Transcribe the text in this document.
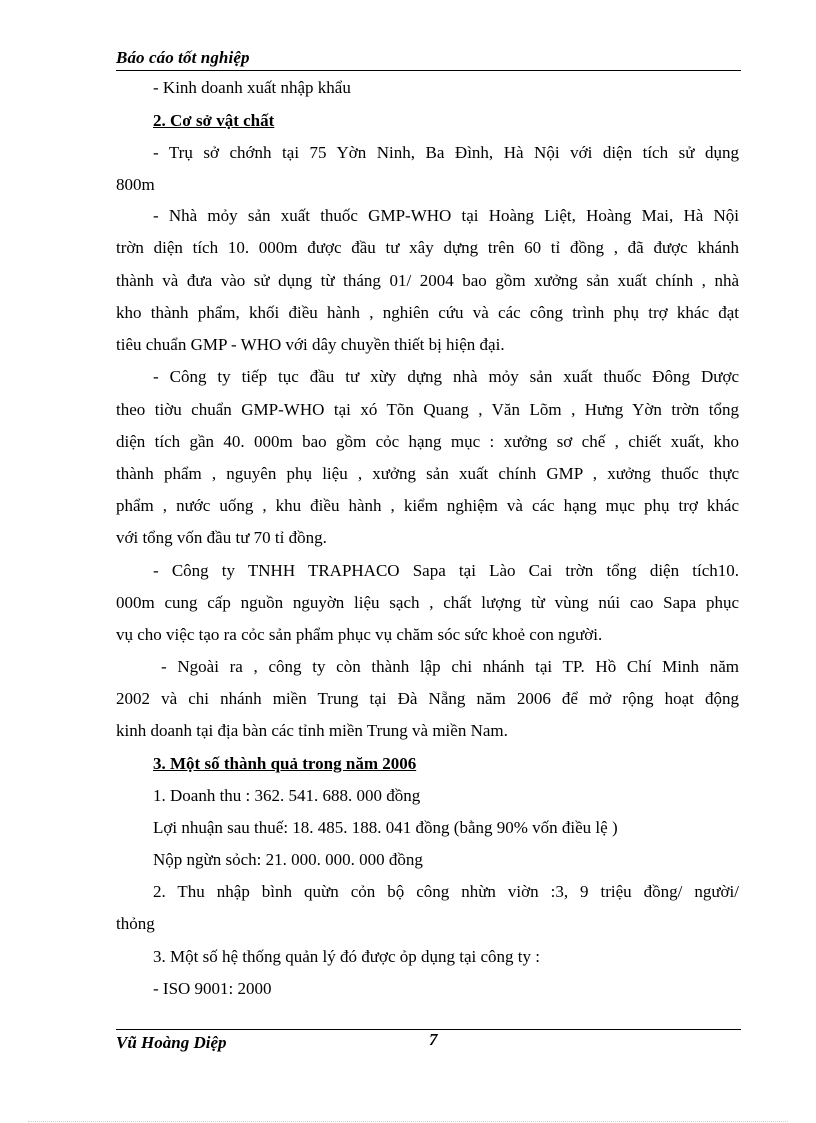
Báo cáo tốt nghiệp
- Kinh doanh xuất nhập khẩu
2. Cơ sở vật chất
- Trụ sở chớnh tại 75 Yờn Ninh, Ba Đình, Hà Nội với diện tích sử dụng
800m
- Nhà mỏy sản xuất thuốc GMP-WHO tại Hoàng Liệt, Hoàng Mai, Hà Nội
trờn diện tích 10. 000m được đầu tư xây dựng trên 60 tỉ đồng , đã được khánh
thành và đưa vào sử dụng từ tháng 01/ 2004 bao gồm xưởng sản xuất chính , nhà
kho thành phẩm, khối điều hành , nghiên cứu và các công trình phụ trợ khác đạt
tiêu chuẩn GMP - WHO với dây chuyền thiết bị hiện đại.
- Công ty tiếp tục đầu tư xừy dựng nhà mỏy sản xuất thuốc Đông Dược
theo tiờu chuẩn GMP-WHO tại xó Tõn Quang , Văn Lõm , Hưng Yờn trờn tổng
diện tích gần 40. 000m bao gồm cỏc hạng mục : xưởng sơ chế , chiết xuất, kho
thành phẩm , nguyên phụ liệu , xưởng sản xuất chính GMP , xưởng thuốc thực
phẩm , nước uống , khu điều hành , kiểm nghiệm và các hạng mục phụ trợ khác
với tổng vốn đầu tư 70 tỉ đồng.
- Công ty TNHH TRAPHACO Sapa tại Lào Cai trờn tổng diện tích10.
000m cung cấp nguồn nguyờn liệu sạch , chất lượng từ vùng núi cao Sapa phục
vụ cho việc tạo ra cỏc sản phẩm phục vụ chăm sóc sức khoẻ con người.
- Ngoài ra , công ty còn thành lập chi nhánh tại TP. Hồ Chí Minh năm
2002 và chi nhánh miền Trung tại Đà Nẵng năm 2006 để mở rộng hoạt động
kinh doanh tại địa bàn các tỉnh miền Trung và miền Nam.
3. Một số thành quả trong năm 2006
1. Doanh thu : 362. 541. 688. 000 đồng
Lợi nhuận sau thuế: 18. 485. 188. 041 đồng (bằng 90% vốn điều lệ )
Nộp ngừn sỏch: 21. 000. 000. 000 đồng
2. Thu nhập bình quừn cỏn bộ công nhừn viờn :3, 9 triệu đồng/ người/
thỏng
3. Một số hệ thống quản lý đó được ỏp dụng tại công ty :
- ISO 9001: 2000
Vũ Hoàng Diệp	7
